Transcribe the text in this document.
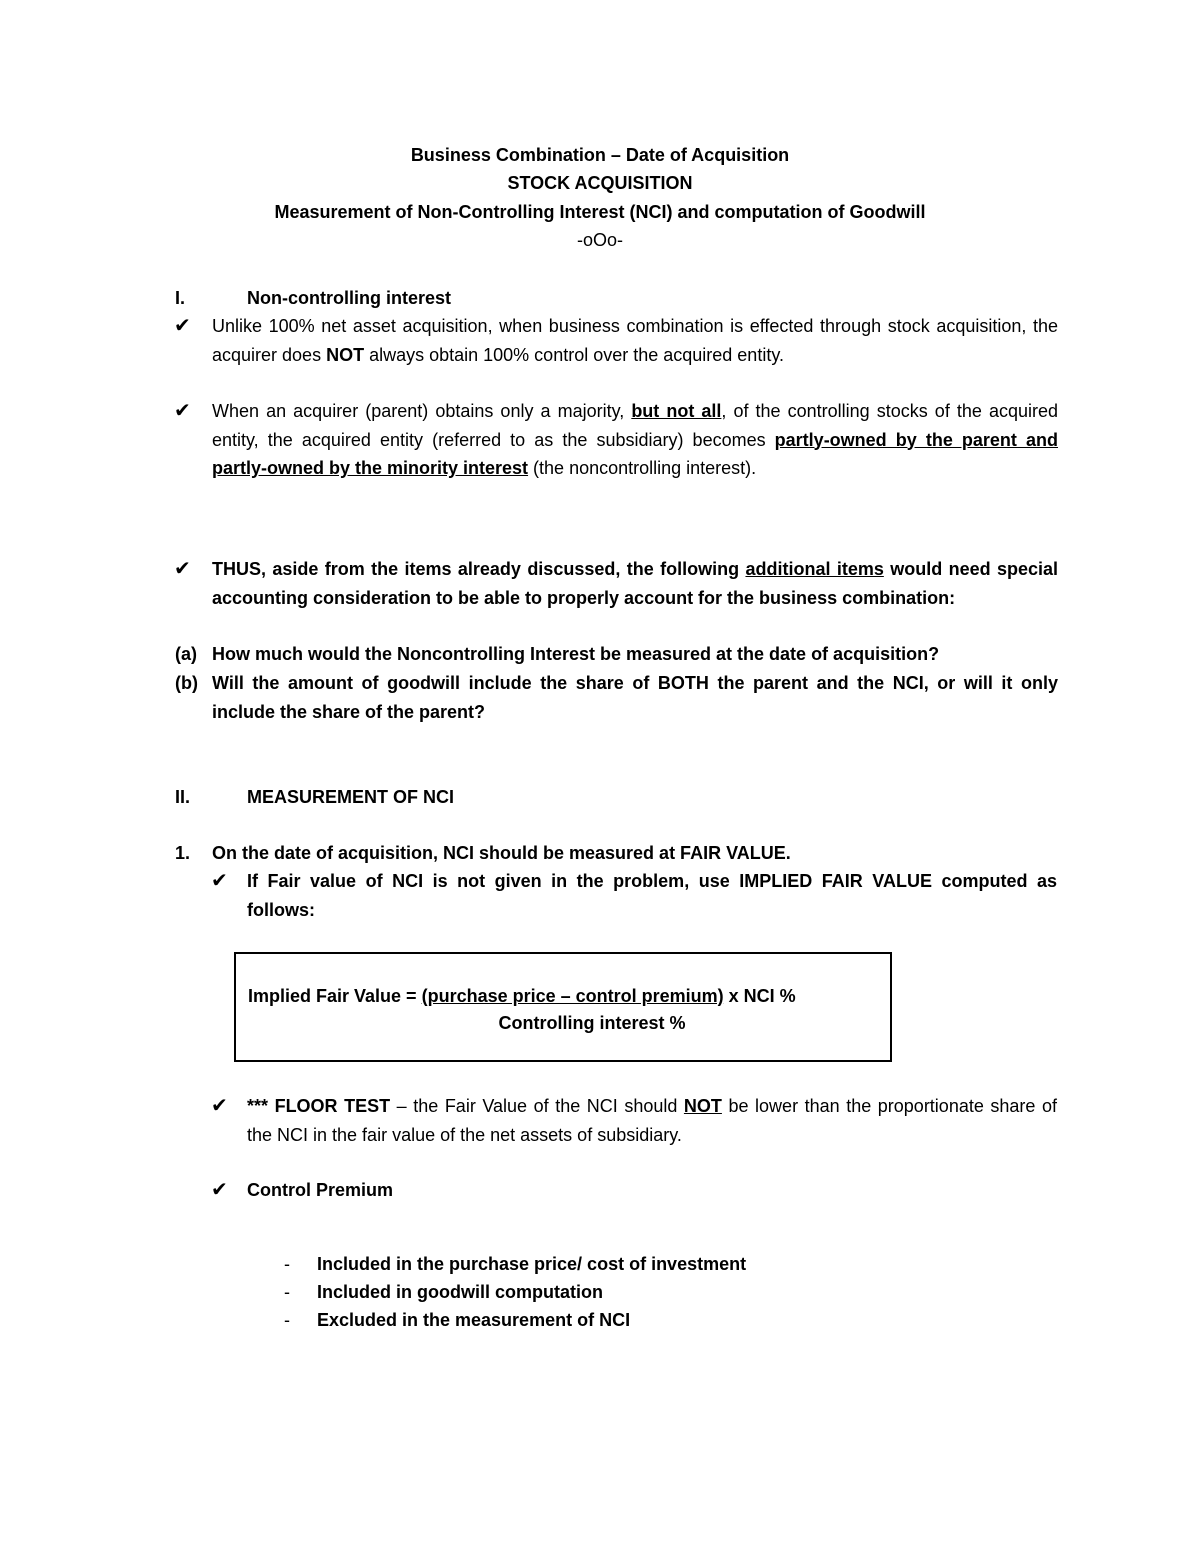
Business Combination – Date of Acquisition
STOCK ACQUISITION
Measurement of Non-Controlling Interest (NCI) and computation of Goodwill
-oOo-
I.	Non-controlling interest
✔ Unlike 100% net asset acquisition, when business combination is effected through stock acquisition, the acquirer does NOT always obtain 100% control over the acquired entity.
✔ When an acquirer (parent) obtains only a majority, but not all, of the controlling stocks of the acquired entity, the acquired entity (referred to as the subsidiary) becomes partly-owned by the parent and partly-owned by the minority interest (the noncontrolling interest).
✔ THUS, aside from the items already discussed, the following additional items would need special accounting consideration to be able to properly account for the business combination:
(a) How much would the Noncontrolling Interest be measured at the date of acquisition?
(b) Will the amount of goodwill include the share of BOTH the parent and the NCI, or will it only include the share of the parent?
II.	MEASUREMENT OF NCI
1. On the date of acquisition, NCI should be measured at FAIR VALUE.
✔ If Fair value of NCI is not given in the problem, use IMPLIED FAIR VALUE computed as follows:
Implied Fair Value = (purchase price – control premium) x NCI %
Controlling interest %
✔ *** FLOOR TEST – the Fair Value of the NCI should NOT be lower than the proportionate share of the NCI in the fair value of the net assets of subsidiary.
✔ Control Premium
- Included in the purchase price/ cost of investment
- Included in goodwill computation
- Excluded in the measurement of NCI
